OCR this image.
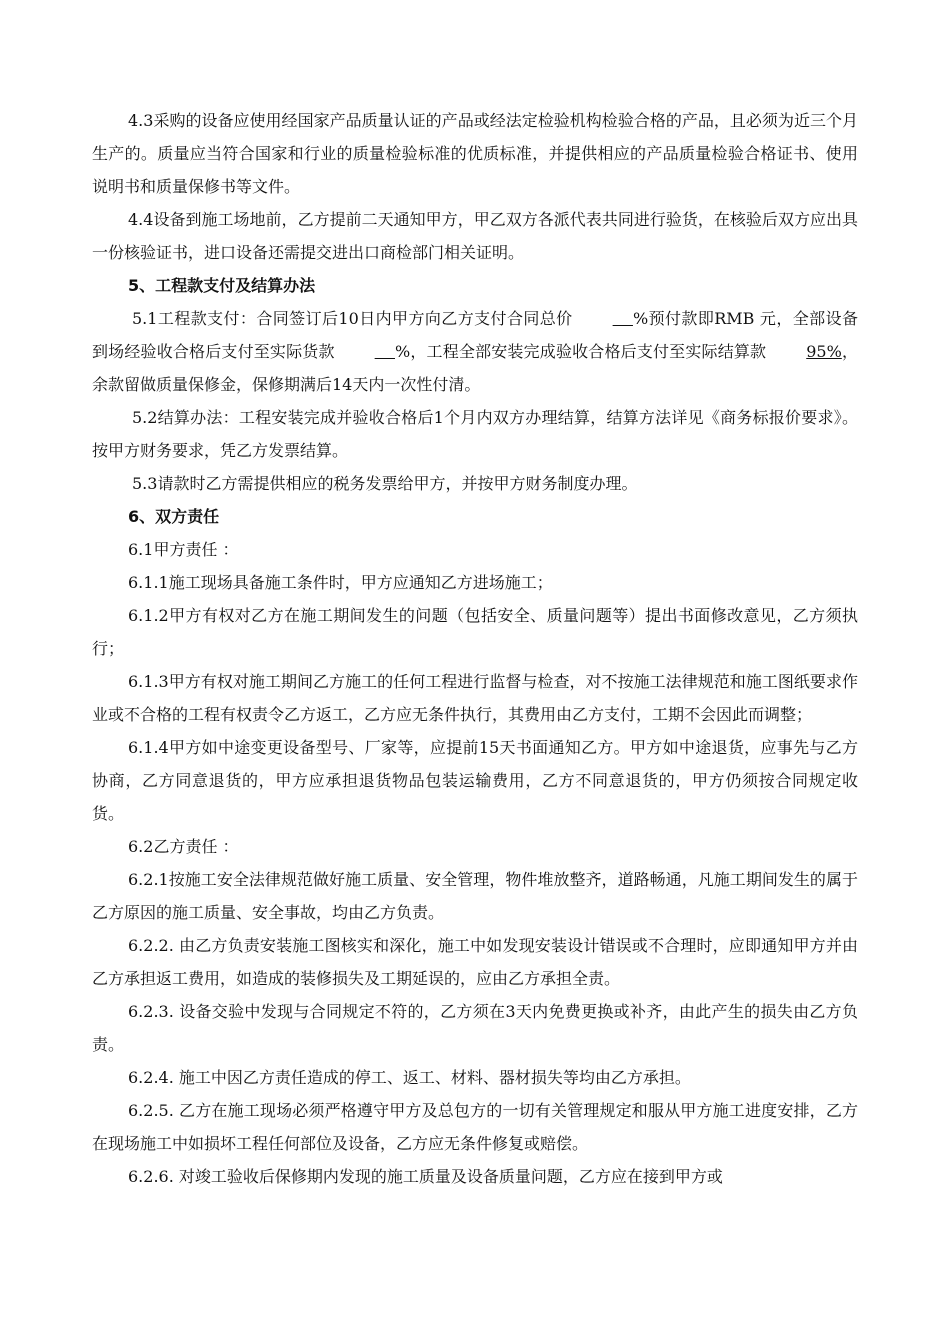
4.3采购的设备应使用经国家产品质量认证的产品或经法定检验机构检验合格的产品，且必须为近三个月生产的。质量应当符合国家和行业的质量检验标准的优质标准，并提供相应的产品质量检验合格证书、使用说明书和质量保修书等文件。

4.4设备到施工场地前，乙方提前二天通知甲方，甲乙双方各派代表共同进行验货，在核验后双方应出具一份核验证书，进口设备还需提交进出口商检部门相关证明。

5、工程款支付及结算办法

5.1工程款支付：合同签订后10日内甲方向乙方支付合同总价	%预付款即RMB 元，全部设备到场经验收合格后支付至实际货款	%，工程全部安装完成验收合格后支付至实际结算款	95%，余款留做质量保修金，保修期满后14天内一次性付清。

5.2结算办法：工程安装完成并验收合格后1个月内双方办理结算，结算方法详见《商务标报价要求》。按甲方财务要求，凭乙方发票结算。

5.3请款时乙方需提供相应的税务发票给甲方，并按甲方财务制度办理。

6、双方责任

6.1甲方责任 ：

6.1.1施工现场具备施工条件时，甲方应通知乙方进场施工；

6.1.2甲方有权对乙方在施工期间发生的问题（包括安全、质量问题等）提出书面修改意见，乙方须执行；

6.1.3甲方有权对施工期间乙方施工的任何工程进行监督与检查，对不按施工法律规范和施工图纸要求作业或不合格的工程有权责令乙方返工，乙方应无条件执行，其费用由乙方支付，工期不会因此而调整；

6.1.4甲方如中途变更设备型号、厂家等，应提前15天书面通知乙方。甲方如中途退货，应事先与乙方协商，乙方同意退货的，甲方应承担退货物品包装运输费用，乙方不同意退货的，甲方仍须按合同规定收货。

6.2乙方责任 ：

6.2.1按施工安全法律规范做好施工质量、安全管理，物件堆放整齐，道路畅通，凡施工期间发生的属于乙方原因的施工质量、安全事故，均由乙方负责。

6.2.2. 由乙方负责安装施工图核实和深化，施工中如发现安装设计错误或不合理时，应即通知甲方并由乙方承担返工费用，如造成的装修损失及工期延误的，应由乙方承担全责。

6.2.3. 设备交验中发现与合同规定不符的，乙方须在3天内免费更换或补齐，由此产生的损失由乙方负责。

6.2.4. 施工中因乙方责任造成的停工、返工、材料、器材损失等均由乙方承担。

6.2.5. 乙方在施工现场必须严格遵守甲方及总包方的一切有关管理规定和服从甲方施工进度安排，乙方在现场施工中如损坏工程任何部位及设备，乙方应无条件修复或赔偿。

6.2.6. 对竣工验收后保修期内发现的施工质量及设备质量问题，乙方应在接到甲方或
